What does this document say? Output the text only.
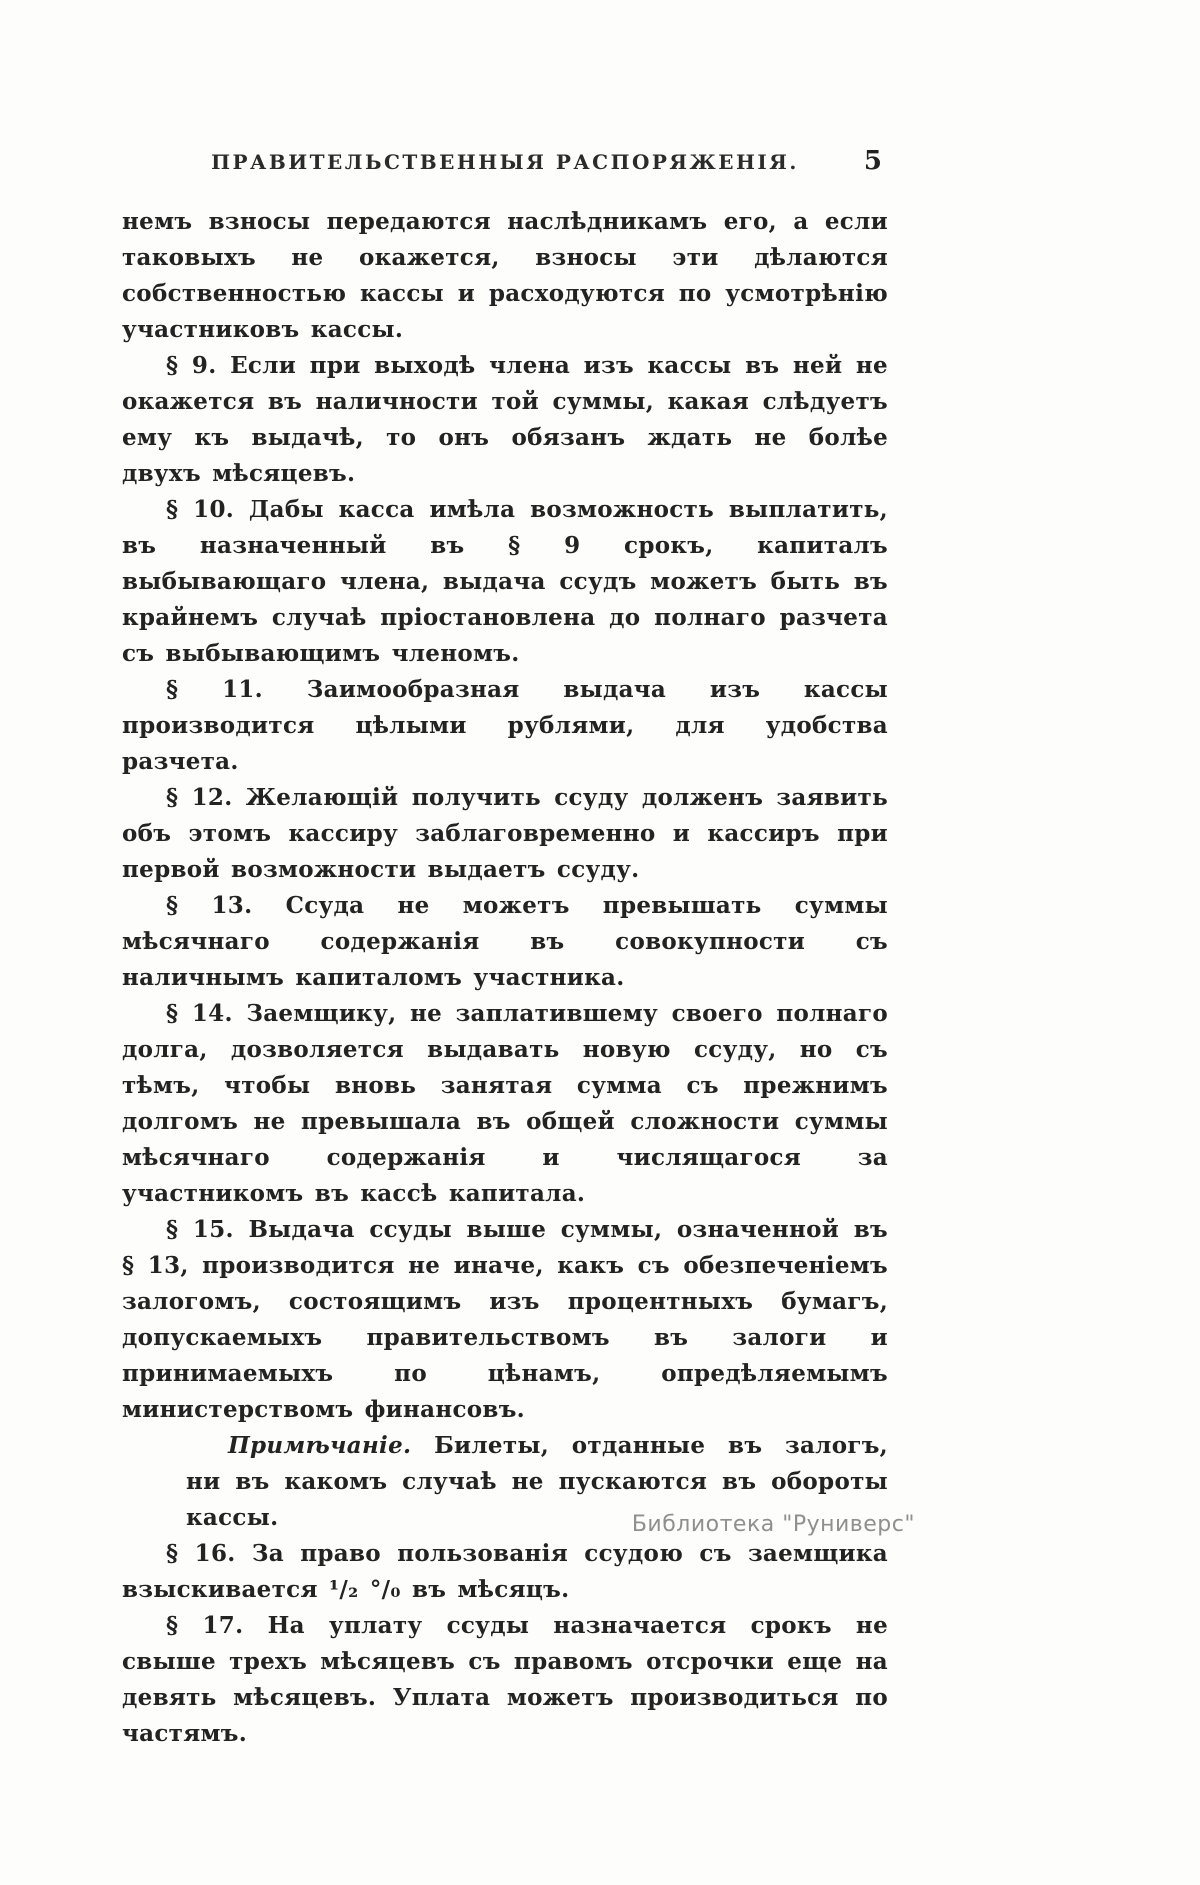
ПРАВИТЕЛЬСТВЕННЫЯ РАСПОРЯЖЕНІЯ.	5

немъ взносы передаются наслѣдникамъ его, а если таковыхъ не окажется, взносы эти дѣлаются собственностью кассы и расходуются по усмотрѣнію участниковъ кассы.

§ 9. Если при выходѣ члена изъ кассы въ ней не окажется въ наличности той суммы, какая слѣдуетъ ему къ выдачѣ, то онъ обязанъ ждать не болѣе двухъ мѣсяцевъ.

§ 10. Дабы касса имѣла возможность выплатить, въ назначенный въ § 9 срокъ, капиталъ выбывающаго члена, выдача ссудъ можетъ быть въ крайнемъ случаѣ пріостановлена до полнаго разчета съ выбывающимъ членомъ.

§ 11. Заимообразная выдача изъ кассы производится цѣлыми рублями, для удобства разчета.

§ 12. Желающій получить ссуду долженъ заявить объ этомъ кассиру заблаговременно и кассиръ при первой возможности выдаетъ ссуду.

§ 13. Ссуда не можетъ превышать суммы мѣсячнаго содержанія въ совокупности съ наличнымъ капиталомъ участника.

§ 14. Заемщику, не заплатившему своего полнаго долга, дозволяется выдавать новую ссуду, но съ тѣмъ, чтобы вновь занятая сумма съ прежнимъ долгомъ не превышала въ общей сложности суммы мѣсячнаго содержанія и числящагося за участникомъ въ кассѣ капитала.

§ 15. Выдача ссуды выше суммы, означенной въ § 13, производится не иначе, какъ съ обезпеченіемъ залогомъ, состоящимъ изъ процентныхъ бумагъ, допускаемыхъ правительствомъ въ залоги и принимаемыхъ по цѣнамъ, опредѣляемымъ министерствомъ финансовъ.

Примѣчаніе. Билеты, отданные въ залогъ, ни въ какомъ случаѣ не пускаются въ обороты кассы.

§ 16. За право пользованія ссудою съ заемщика взыскивается ¹/₂ °/₀ въ мѣсяцъ.

§ 17. На уплату ссуды назначается срокъ не свыше трехъ мѣсяцевъ съ правомъ отсрочки еще на девять мѣсяцевъ. Уплата можетъ производиться по частямъ.

Библиотека "Руниверс"
